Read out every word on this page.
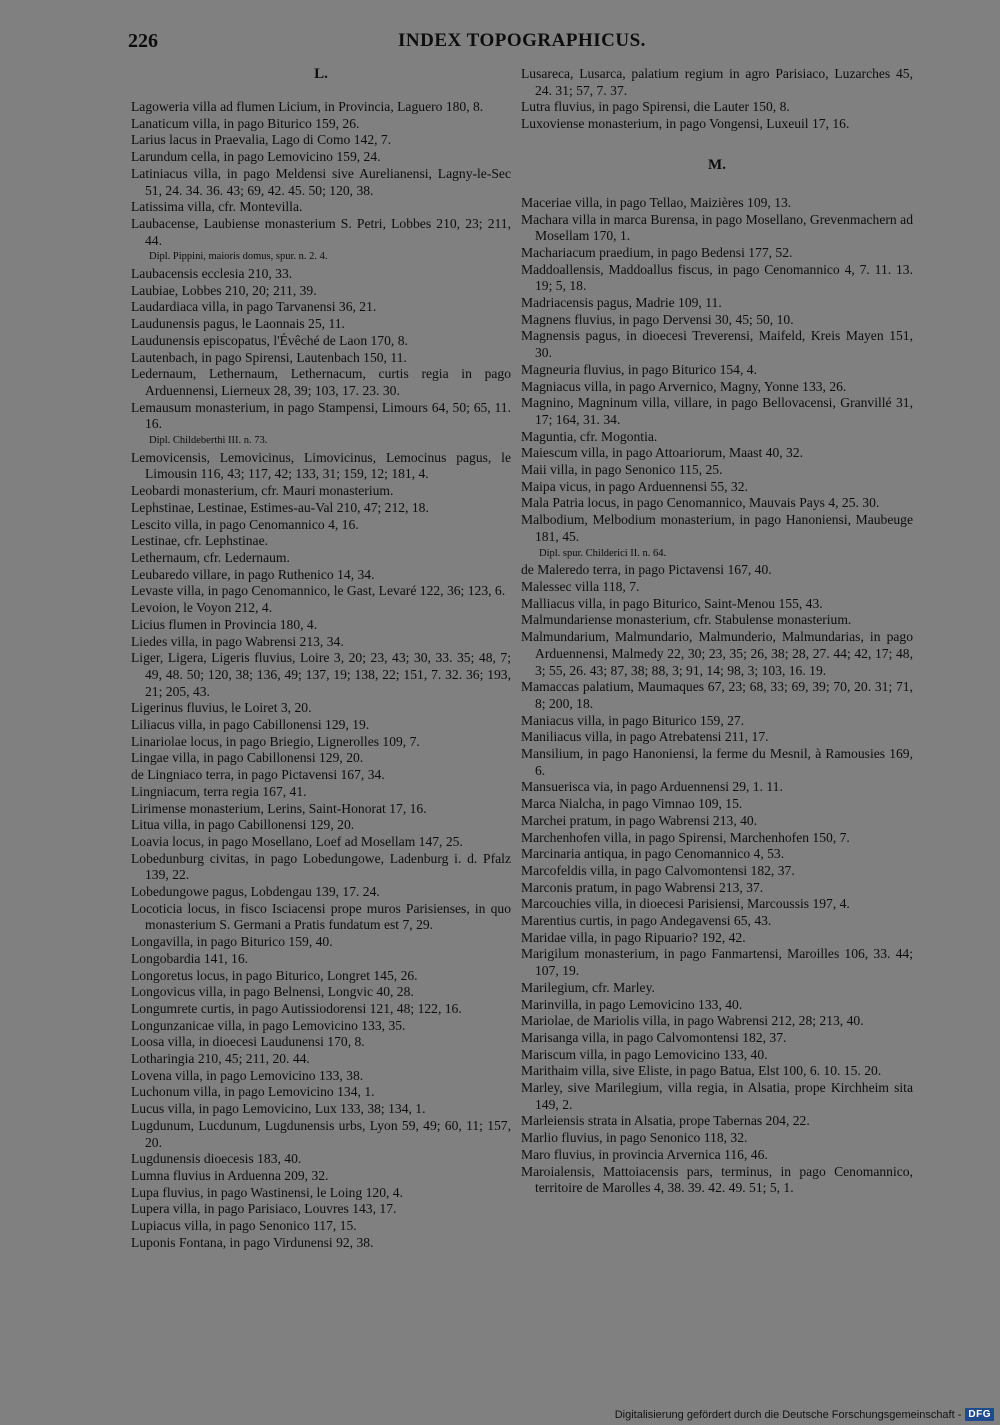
226	INDEX TOPOGRAPHICUS.
L.
Lagoweria villa ad flumen Licium, in Provincia, Laguero 180, 8.
Lanaticum villa, in pago Biturico 159, 26.
Larius lacus in Praevalia, Lago di Como 142, 7.
Larundum cella, in pago Lemovicino 159, 24.
Latiniacus villa, in pago Meldensi sive Aurelianensi, Lagny-le-Sec 51, 24. 34. 36. 43; 69, 42. 45. 50; 120, 38.
Latissima villa, cfr. Montevilla.
Laubacense, Laubiense monasterium S. Petri, Lobbes 210, 23; 211, 44.
Dipl. Pippini, maioris domus, spur. n. 2. 4.
Laubacensis ecclesia 210, 33.
Laubiae, Lobbes 210, 20; 211, 39.
Laudardiaca villa, in pago Tarvanensi 36, 21.
Laudunensis pagus, le Laonnais 25, 11.
Laudunensis episcopatus, l'Évêché de Laon 170, 8.
Lautenbach, in pago Spirensi, Lautenbach 150, 11.
Ledernaum, Lethernaum, Lethernacum, curtis regia in pago Arduennensi, Lierneux 28, 39; 103, 17. 23. 30.
Lemausum monasterium, in pago Stampensi, Limours 64, 50; 65, 11. 16.
Dipl. Childeberthi III. n. 73.
Lemovicensis, Lemovicinus, Limovicinus, Lemocinus pagus, le Limousin 116, 43; 117, 42; 133, 31; 159, 12; 181, 4.
Leobardi monasterium, cfr. Mauri monasterium.
Lephstinae, Lestinae, Estimes-au-Val 210, 47; 212, 18.
Lescito villa, in pago Cenomannico 4, 16.
Lestinae, cfr. Lephstinae.
Lethernaum, cfr. Ledernaum.
Leubaredo villare, in pago Ruthenico 14, 34.
Levaste villa, in pago Cenomannico, le Gast, Levaré 122, 36; 123, 6.
Levoion, le Voyon 212, 4.
Licius flumen in Provincia 180, 4.
Liedes villa, in pago Wabrensi 213, 34.
Liger, Ligera, Ligeris fluvius, Loire 3, 20; 23, 43; 30, 33. 35; 48, 7; 49, 48. 50; 120, 38; 136, 49; 137, 19; 138, 22; 151, 7. 32. 36; 193, 21; 205, 43.
Ligerinus fluvius, le Loiret 3, 20.
Liliacus villa, in pago Cabillonensi 129, 19.
Linariolae locus, in pago Briegio, Lignerolles 109, 7.
Lingae villa, in pago Cabillonensi 129, 20.
de Lingniaco terra, in pago Pictavensi 167, 34.
Lingniacum, terra regia 167, 41.
Lirimense monasterium, Lerins, Saint-Honorat 17, 16.
Litua villa, in pago Cabillonensi 129, 20.
Loavia locus, in pago Mosellano, Loef ad Mosellam 147, 25.
Lobedunburg civitas, in pago Lobedungowe, Ladenburg i. d. Pfalz 139, 22.
Lobedungowe pagus, Lobdengau 139, 17. 24.
Locoticia locus, in fisco Isciacensi prope muros Parisienses, in quo monasterium S. Germani a Pratis fundatum est 7, 29.
Longavilla, in pago Biturico 159, 40.
Longobardia 141, 16.
Longoretus locus, in pago Biturico, Longret 145, 26.
Longovicus villa, in pago Belnensi, Longvic 40, 28.
Longumrete curtis, in pago Autissiodorensi 121, 48; 122, 16.
Longunzanicae villa, in pago Lemovicino 133, 35.
Loosa villa, in dioecesi Laudunensi 170, 8.
Lotharingia 210, 45; 211, 20. 44.
Lovena villa, in pago Lemovicino 133, 38.
Luchonum villa, in pago Lemovicino 134, 1.
Lucus villa, in pago Lemovicino, Lux 133, 38; 134, 1.
Lugdunum, Lucdunum, Lugdunensis urbs, Lyon 59, 49; 60, 11; 157, 20.
Lugdunensis dioecesis 183, 40.
Lumna fluvius in Arduenna 209, 32.
Lupa fluvius, in pago Wastinensi, le Loing 120, 4.
Lupera villa, in pago Parisiaco, Louvres 143, 17.
Lupiacus villa, in pago Senonico 117, 15.
Luponis Fontana, in pago Virdunensi 92, 38.
Lusareca, Lusarca, palatium regium in agro Parisiaco, Luzarches 45, 24. 31; 57, 7. 37.
Lutra fluvius, in pago Spirensi, die Lauter 150, 8.
Luxoviense monasterium, in pago Vongensi, Luxeuil 17, 16.
M.
Maceriae villa, in pago Tellao, Maizières 109, 13.
Machara villa in marca Burensa, in pago Mosellano, Grevenmachern ad Mosellam 170, 1.
Machariacum praedium, in pago Bedensi 177, 52.
Maddoallensis, Maddoallus fiscus, in pago Cenomannico 4, 7. 11. 13. 19; 5, 18.
Madriacensis pagus, Madrie 109, 11.
Magnens fluvius, in pago Dervensi 30, 45; 50, 10.
Magnensis pagus, in dioecesi Treverensi, Maifeld, Kreis Mayen 151, 30.
Magneuria fluvius, in pago Biturico 154, 4.
Magniacus villa, in pago Arvernico, Magny, Yonne 133, 26.
Magnino, Magninum villa, villare, in pago Bellovacensi, Granvillé 31, 17; 164, 31. 34.
Maguntia, cfr. Mogontia.
Maiescum villa, in pago Attoariorum, Maast 40, 32.
Maii villa, in pago Senonico 115, 25.
Maipa vicus, in pago Arduennensi 55, 32.
Mala Patria locus, in pago Cenomannico, Mauvais Pays 4, 25. 30.
Malbodium, Melbodium monasterium, in pago Hanoniensi, Maubeuge 181, 45.
Dipl. spur. Childerici II. n. 64.
de Maleredo terra, in pago Pictavensi 167, 40.
Malessec villa 118, 7.
Malliacus villa, in pago Biturico, Saint-Menou 155, 43.
Malmundariense monasterium, cfr. Stabulense monasterium.
Malmundarium, Malmundario, Malmunderio, Malmundarias, in pago Arduennensi, Malmedy 22, 30; 23, 35; 26, 38; 28, 27. 44; 42, 17; 48, 3; 55, 26. 43; 87, 38; 88, 3; 91, 14; 98, 3; 103, 16. 19.
Mamaccas palatium, Maumaques 67, 23; 68, 33; 69, 39; 70, 20. 31; 71, 8; 200, 18.
Maniacus villa, in pago Biturico 159, 27.
Maniliacus villa, in pago Atrebatensi 211, 17.
Mansilium, in pago Hanoniensi, la ferme du Mesnil, à Ramousies 169, 6.
Mansuerisca via, in pago Arduennensi 29, 1. 11.
Marca Nialcha, in pago Vimnao 109, 15.
Marchei pratum, in pago Wabrensi 213, 40.
Marchenhofen villa, in pago Spirensi, Marchenhofen 150, 7.
Marcinaria antiqua, in pago Cenomannico 4, 53.
Marcofeldis villa, in pago Calvomontensi 182, 37.
Marconis pratum, in pago Wabrensi 213, 37.
Marcouchies villa, in dioecesi Parisiensi, Marcoussis 197, 4.
Marentius curtis, in pago Andegavensi 65, 43.
Maridae villa, in pago Ripuario? 192, 42.
Marigilum monasterium, in pago Fanmartensi, Maroilles 106, 33. 44; 107, 19.
Marilegium, cfr. Marley.
Marinvilla, in pago Lemovicino 133, 40.
Mariolae, de Mariolis villa, in pago Wabrensi 212, 28; 213, 40.
Marisanga villa, in pago Calvomontensi 182, 37.
Mariscum villa, in pago Lemovicino 133, 40.
Marithaim villa, sive Eliste, in pago Batua, Elst 100, 6. 10. 15. 20.
Marley, sive Marilegium, villa regia, in Alsatia, prope Kirchheim sita 149, 2.
Marleiensis strata in Alsatia, prope Tabernas 204, 22.
Marlio fluvius, in pago Senonico 118, 32.
Maro fluvius, in provincia Arvernica 116, 46.
Maroialensis, Mattoiacensis pars, terminus, in pago Cenomannico, territoire de Marolles 4, 38. 39. 42. 49. 51; 5, 1.
Digitalisierung gefördert durch die Deutsche Forschungsgemeinschaft - DFG
